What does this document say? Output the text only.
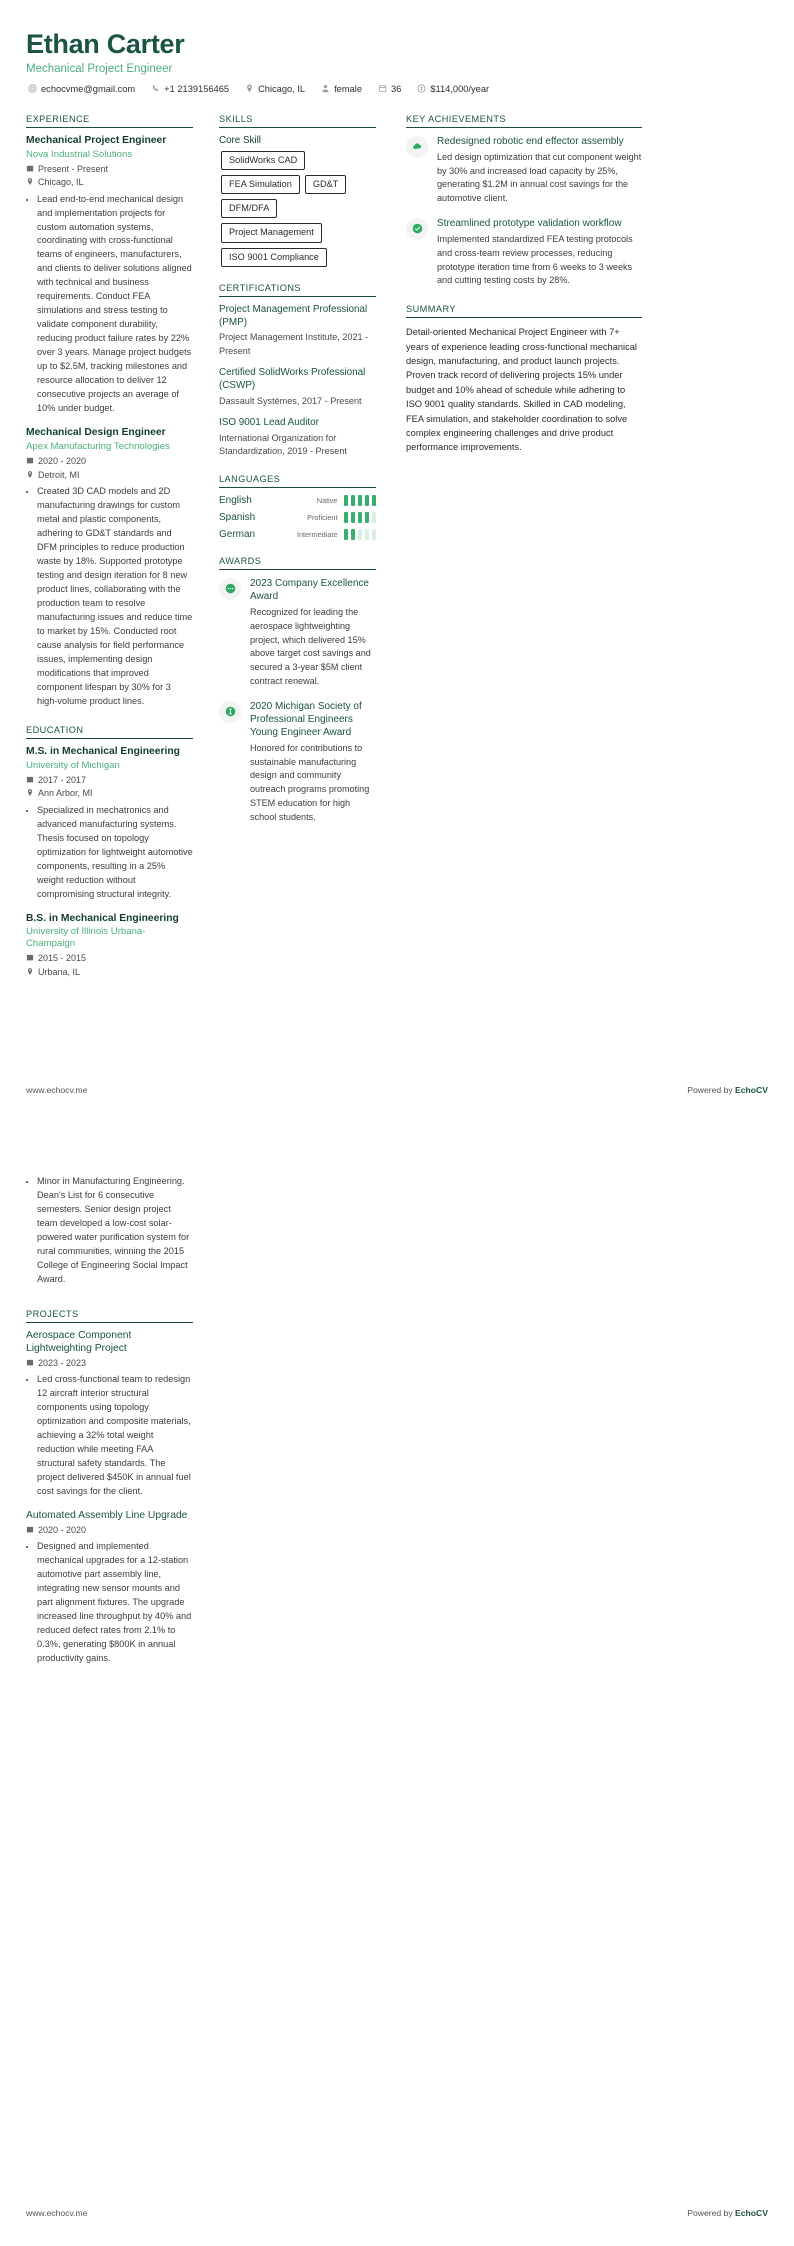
Ethan Carter
Mechanical Project Engineer
echocvme@gmail.com	+1 2139156465	Chicago, IL	female	36	$114,000/year
EXPERIENCE
Mechanical Project Engineer
Nova Industrial Solutions
Present - Present
Chicago, IL
• Lead end-to-end mechanical design and implementation projects for custom automation systems, coordinating with cross-functional teams of engineers, manufacturers, and clients to deliver solutions aligned with technical and business requirements. Conduct FEA simulations and stress testing to validate component durability, reducing product failure rates by 22% over 3 years. Manage project budgets up to $2.5M, tracking milestones and resource allocation to deliver 12 consecutive projects an average of 10% under budget.
Mechanical Design Engineer
Apex Manufacturing Technologies
2020 - 2020
Detroit, MI
• Created 3D CAD models and 2D manufacturing drawings for custom metal and plastic components, adhering to GD&T standards and DFM principles to reduce production waste by 18%. Supported prototype testing and design iteration for 8 new product lines, collaborating with the production team to resolve manufacturing issues and reduce time to market by 15%. Conducted root cause analysis for field performance issues, implementing design modifications that improved component lifespan by 30% for 3 high-volume product lines.
EDUCATION
M.S. in Mechanical Engineering
University of Michigan
2017 - 2017
Ann Arbor, MI
• Specialized in mechatronics and advanced manufacturing systems. Thesis focused on topology optimization for lightweight automotive components, resulting in a 25% weight reduction without compromising structural integrity.
B.S. in Mechanical Engineering
University of Illinois Urbana-Champaign
2015 - 2015
Urbana, IL
SKILLS
Core Skill
SolidWorks CAD
FEA Simulation	GD&T
DFM/DFA
Project Management
ISO 9001 Compliance
CERTIFICATIONS
Project Management Professional (PMP)
Project Management Institute, 2021 - Present
Certified SolidWorks Professional (CSWP)
Dassault Systèmes, 2017 - Present
ISO 9001 Lead Auditor
International Organization for Standardization, 2019 - Present
LANGUAGES
English	Native
Spanish	Proficient
German	Intermediate
AWARDS
2023 Company Excellence Award
Recognized for leading the aerospace lightweighting project, which delivered 15% above target cost savings and secured a 3-year $5M client contract renewal.
2020 Michigan Society of Professional Engineers Young Engineer Award
Honored for contributions to sustainable manufacturing design and community outreach programs promoting STEM education for high school students.
KEY ACHIEVEMENTS
Redesigned robotic end effector assembly
Led design optimization that cut component weight by 30% and increased load capacity by 25%, generating $1.2M in annual cost savings for the automotive client.
Streamlined prototype validation workflow
Implemented standardized FEA testing protocols and cross-team review processes, reducing prototype iteration time from 6 weeks to 3 weeks and cutting testing costs by 28%.
SUMMARY
Detail-oriented Mechanical Project Engineer with 7+ years of experience leading cross-functional mechanical design, manufacturing, and product launch projects. Proven track record of delivering projects 15% under budget and 10% ahead of schedule while adhering to ISO 9001 quality standards. Skilled in CAD modeling, FEA simulation, and stakeholder coordination to solve complex engineering challenges and drive product performance improvements.
www.echocv.me	Powered by EchoCV
• Minor in Manufacturing Engineering. Dean's List for 6 consecutive semesters. Senior design project team developed a low-cost solar-powered water purification system for rural communities, winning the 2015 College of Engineering Social Impact Award.
PROJECTS
Aerospace Component Lightweighting Project
2023 - 2023
• Led cross-functional team to redesign 12 aircraft interior structural components using topology optimization and composite materials, achieving a 32% total weight reduction while meeting FAA structural safety standards. The project delivered $450K in annual fuel cost savings for the client.
Automated Assembly Line Upgrade
2020 - 2020
• Designed and implemented mechanical upgrades for a 12-station automotive part assembly line, integrating new sensor mounts and part alignment fixtures. The upgrade increased line throughput by 40% and reduced defect rates from 2.1% to 0.3%, generating $800K in annual productivity gains.
www.echocv.me	Powered by EchoCV
